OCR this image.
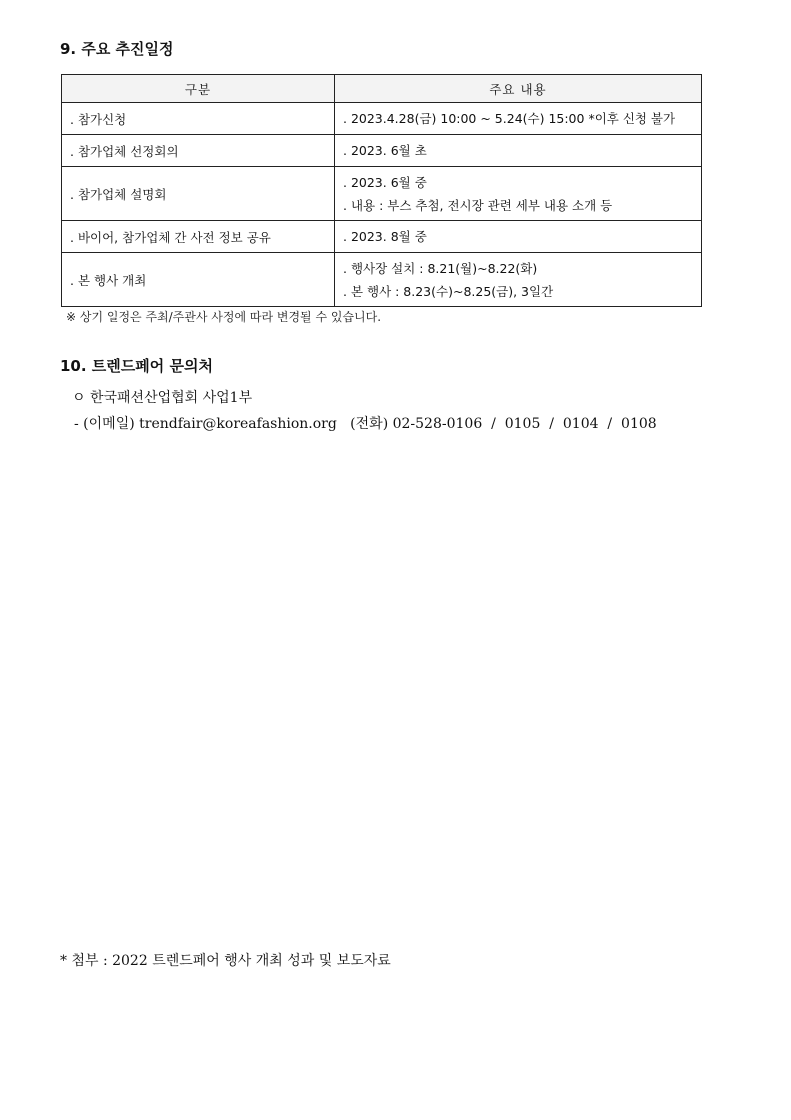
9. 주요 추진일정
구분	주요 내용
. 참가신청	. 2023.4.28(금) 10:00 ~ 5.24(수) 15:00 *이후 신청 불가

. 참가업체 선정회의	. 2023. 6월 초

. 참가업체 설명회	. 2023. 6월 중
. 내용 : 부스 추첨, 전시장 관련 세부 내용 소개 등

. 바이어, 참가업체 간 사전 정보 공유	. 2023. 8월 중

. 본 행사 개최	. 행사장 설치 : 8.21(월)~8.22(화)
. 본 행사 : 8.23(수)~8.25(금), 3일간
※ 상기 일정은 주최/주관사 사정에 따라 변경될 수 있습니다.
10. 트렌드페어 문의처
ㅇ 한국패션산업협회 사업1부
- (이메일) trendfair@koreafashion.org   (전화) 02-528-0106  /  0105  /  0104  /  0108
* 첨부 : 2022 트렌드페어 행사 개최 성과 및 보도자료
